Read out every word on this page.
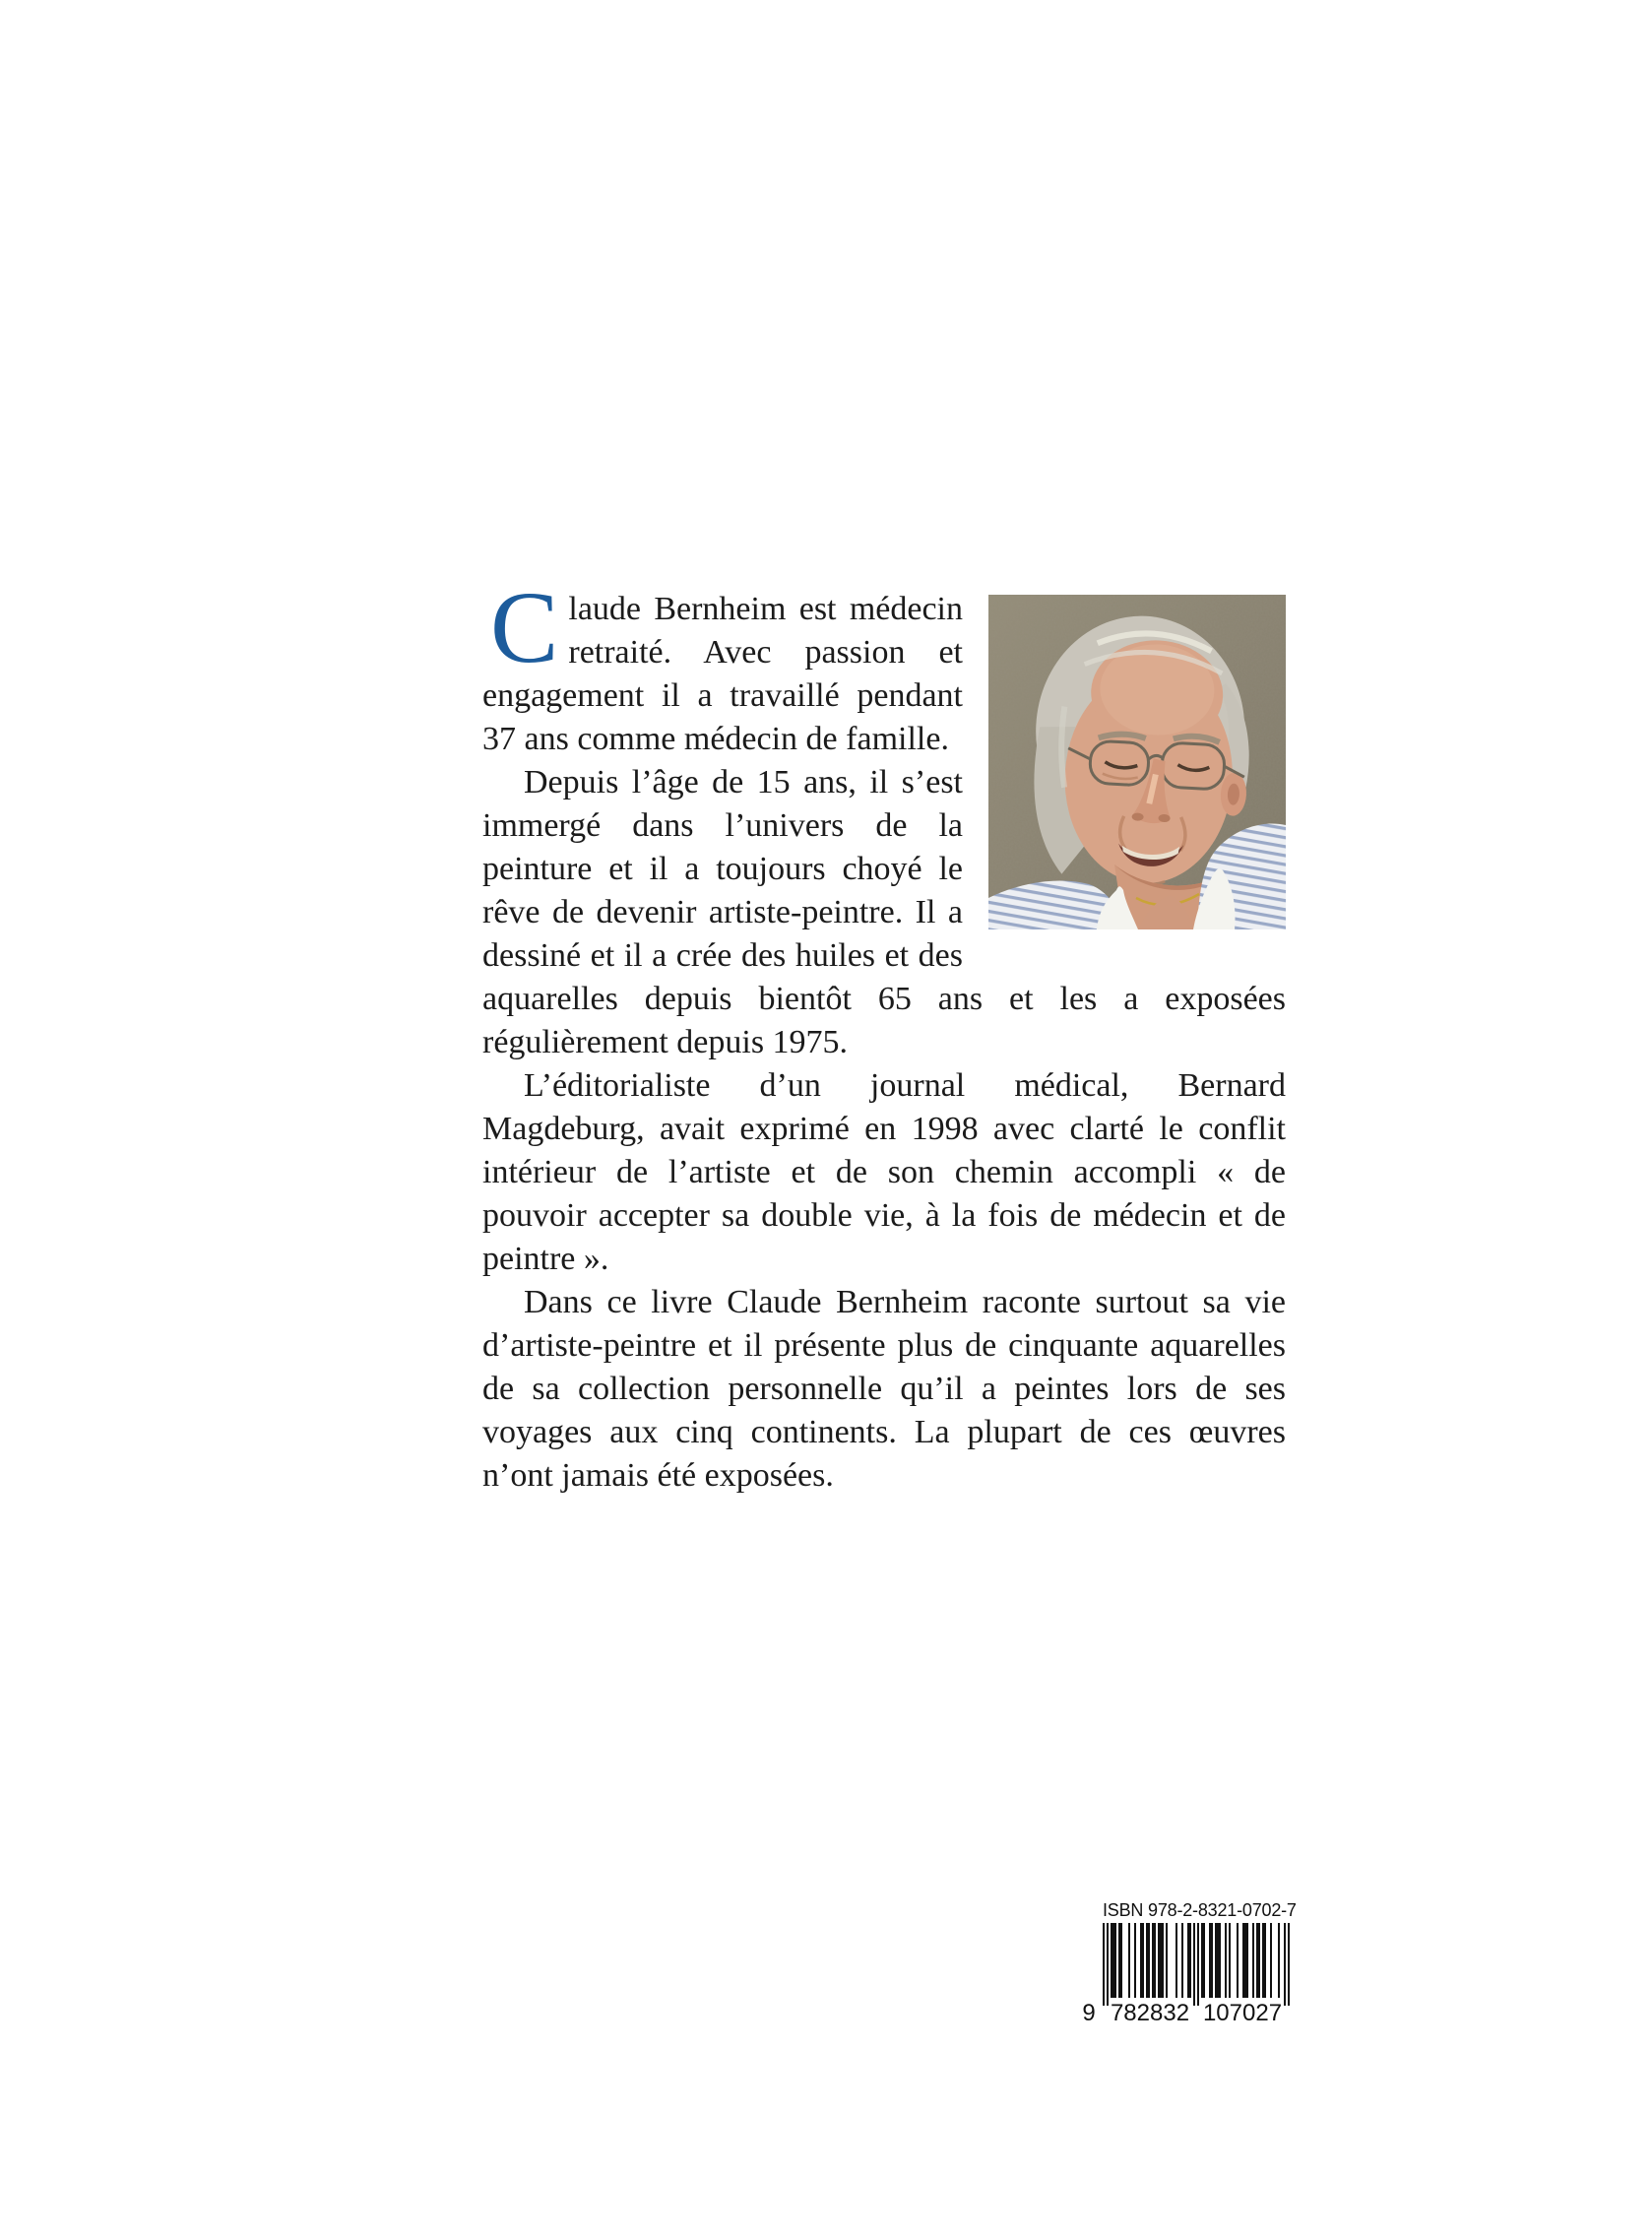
Claude Bernheim est médecin retraité. Avec passion et engagement il a travaillé pendant 37 ans comme médecin de famille.

Depuis l’âge de 15 ans, il s’est immergé dans l’univers de la peinture et il a toujours choyé le rêve de devenir artiste-peintre. Il a dessiné et il a crée des huiles et des aquarelles depuis bientôt 65 ans et les a exposées régulièrement depuis 1975.

L’éditorialiste d’un journal médical, Bernard Magdeburg, avait exprimé en 1998 avec clarté le conflit intérieur de l’artiste et de son chemin accompli « de pouvoir accepter sa double vie, à la fois de médecin et de peintre ».

Dans ce livre Claude Bernheim raconte surtout sa vie d’artiste-peintre et il présente plus de cinquante aquarelles de sa collection personnelle qu’il a peintes lors de ses voyages aux cinq continents. La plupart de ces œuvres n’ont jamais été exposées.

ISBN 978-2-8321-0702-7
9 782832 107027
